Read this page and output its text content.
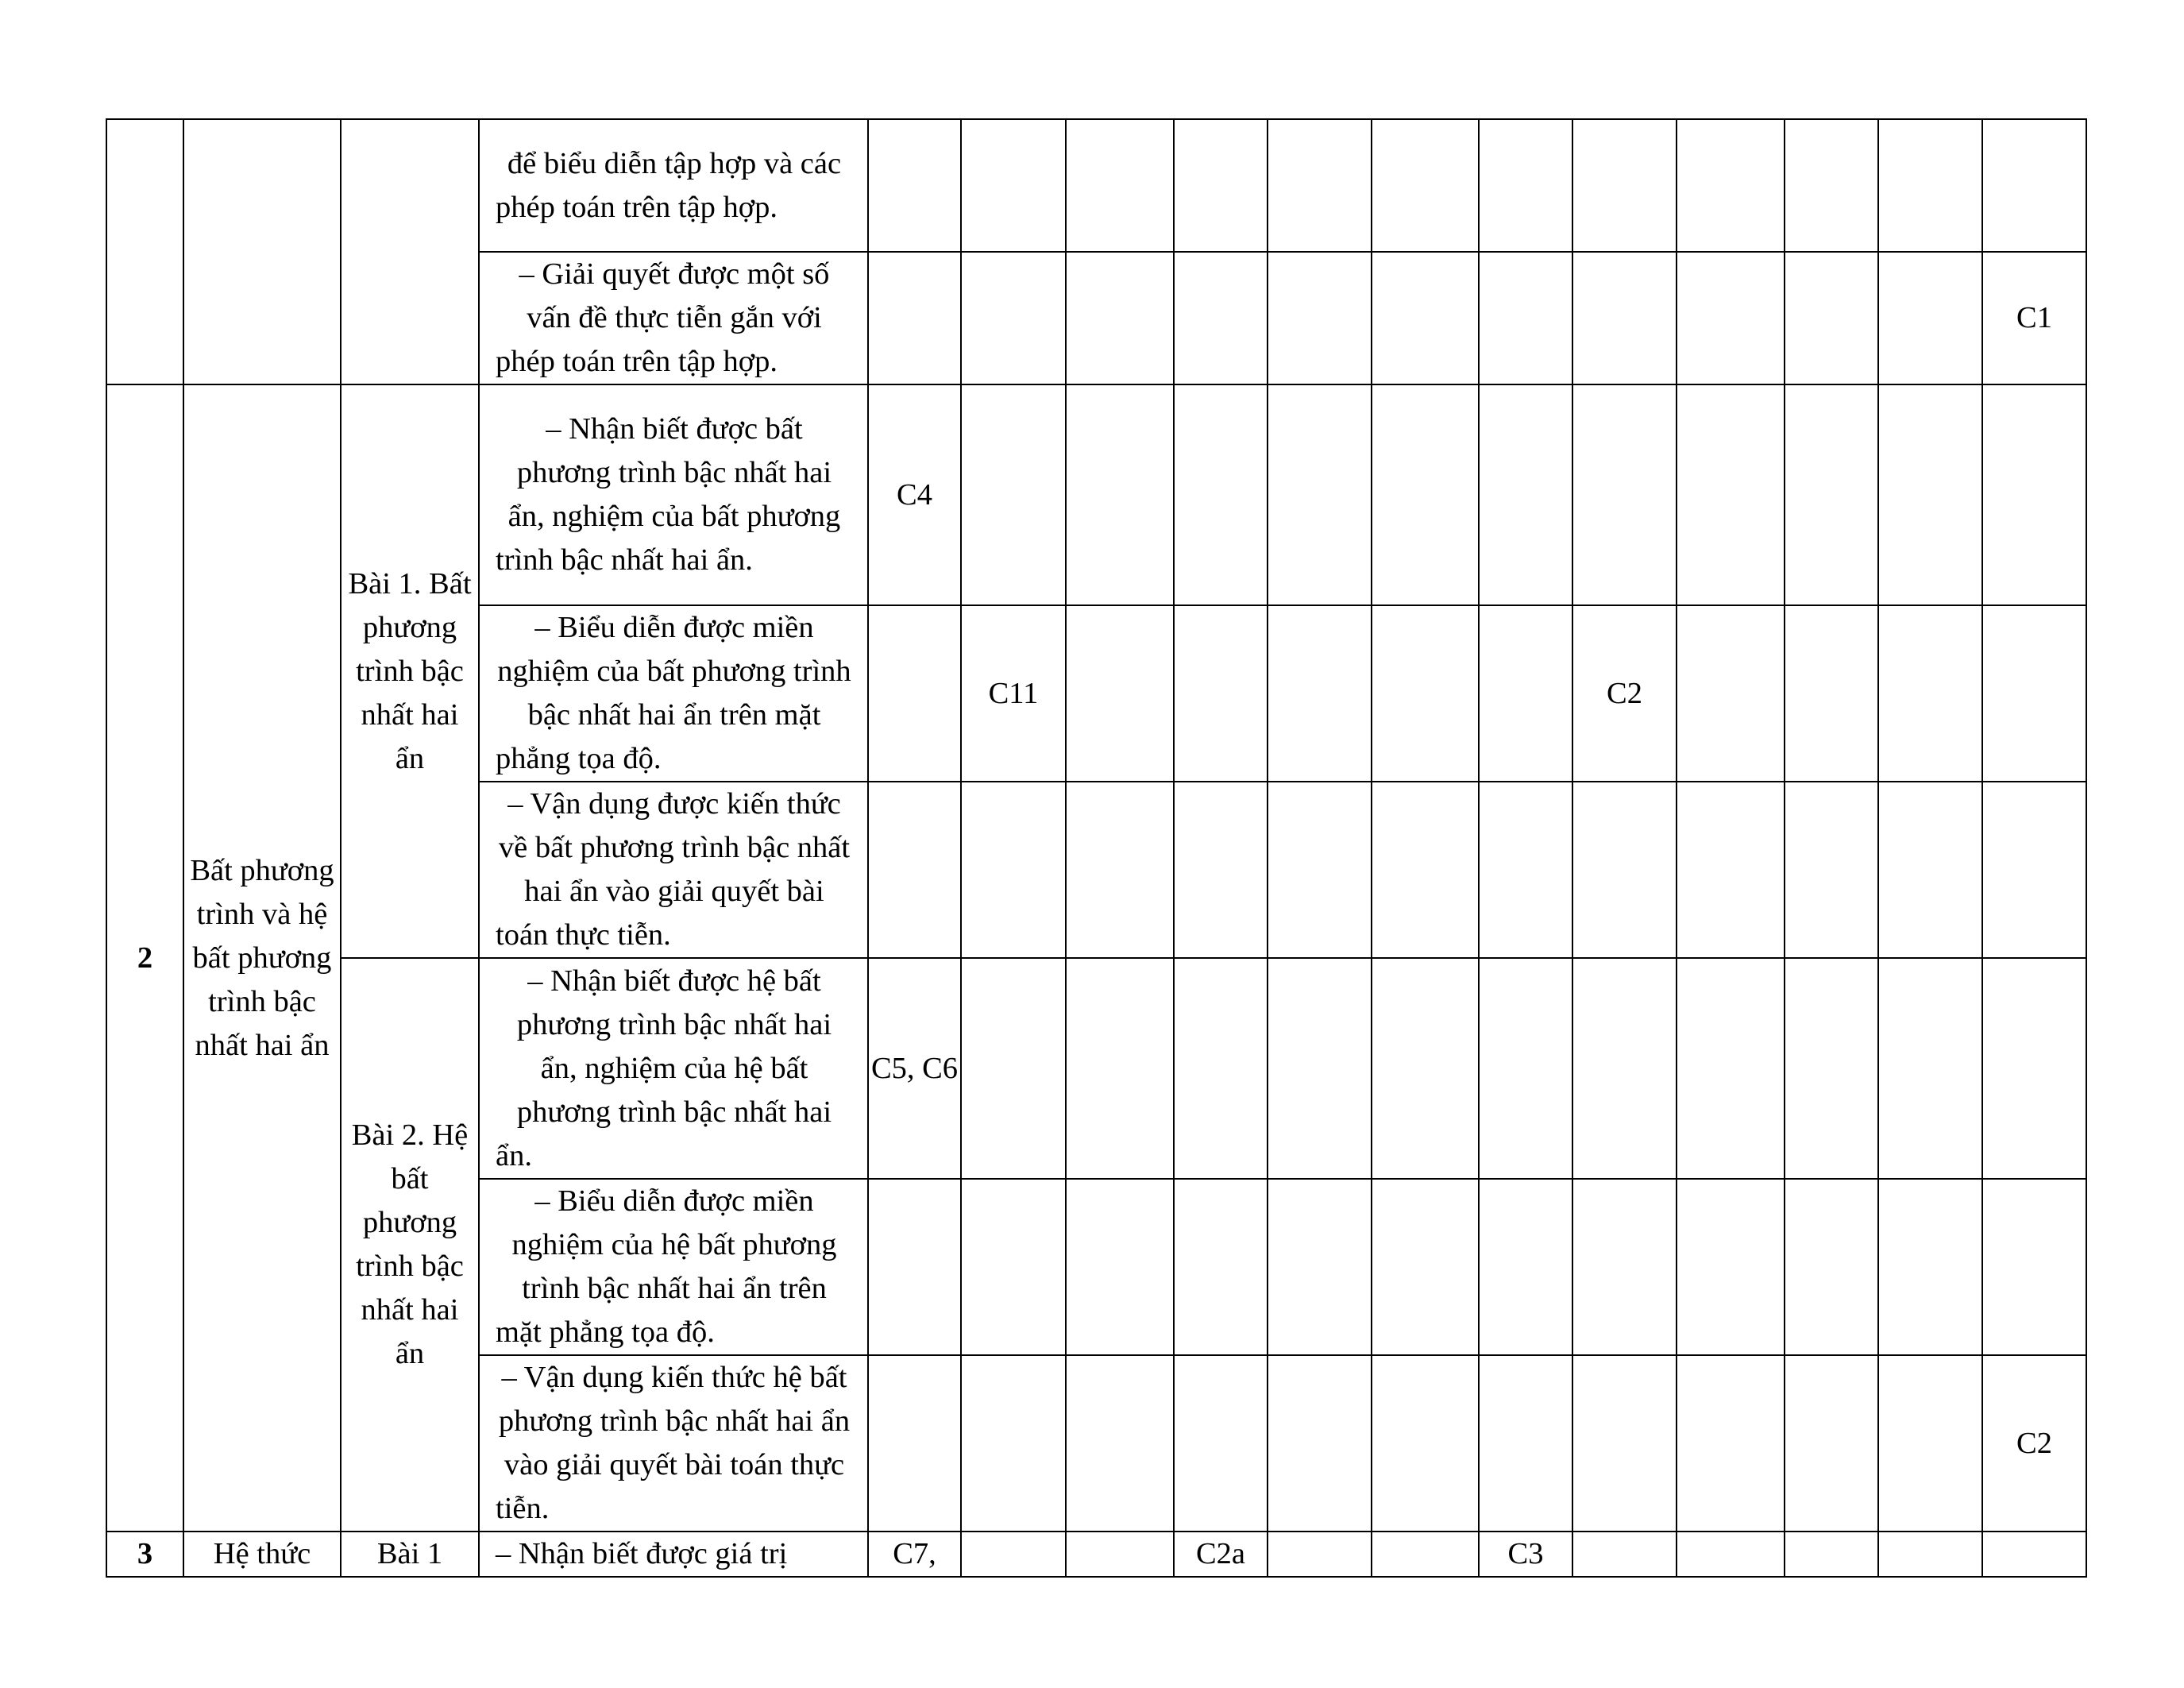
			để biểu diễn tập hợp và các phép toán trên tập hợp.												
			– Giải quyết được một số vấn đề thực tiễn gắn với phép toán trên tập hợp.												C1
2	Bất phương trình và hệ bất phương trình bậc nhất hai ẩn	Bài 1. Bất phương trình bậc nhất hai ẩn	– Nhận biết được bất phương trình bậc nhất hai ẩn, nghiệm của bất phương trình bậc nhất hai ẩn.	C4											
			– Biểu diễn được miền nghiệm của bất phương trình bậc nhất hai ẩn trên mặt phẳng tọa độ.		C11						C2				
			– Vận dụng được kiến thức về bất phương trình bậc nhất hai ẩn vào giải quyết bài toán thực tiễn.												
		Bài 2. Hệ bất phương trình bậc nhất hai ẩn	– Nhận biết được hệ bất phương trình bậc nhất hai ẩn, nghiệm của hệ bất phương trình bậc nhất hai ẩn.	C5, C6											
			– Biểu diễn được miền nghiệm của hệ bất phương trình bậc nhất hai ẩn trên mặt phẳng tọa độ.												
			– Vận dụng kiến thức hệ bất phương trình bậc nhất hai ẩn vào giải quyết bài toán thực tiễn.												C2
3	Hệ thức	Bài 1	– Nhận biết được giá trị	C7,			C2a			C3					
